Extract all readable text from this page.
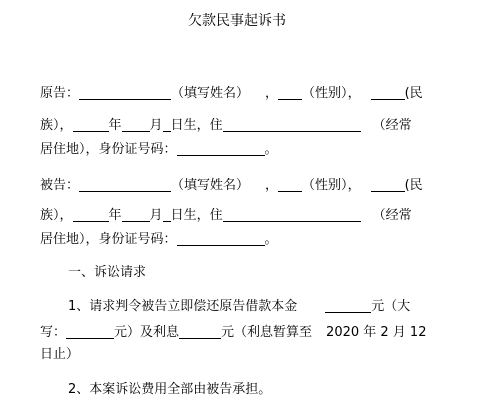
欠款民事起诉书
原告：	（填写姓名） ， （性别），	(民
族），	年 月 日生，住	（经常
居住地），身份证号码：	。
被告：	（填写姓名） ， （性别），	(民
族），	年 月 日生，住	（经常
居住地），身份证号码：	。
一、诉讼请求
1、请求判令被告立即偿还原告借款本金	元（大
写：	元）及利息	元（利息暂算至 2020 年 2 月 12
日止）
2、本案诉讼费用全部由被告承担。
